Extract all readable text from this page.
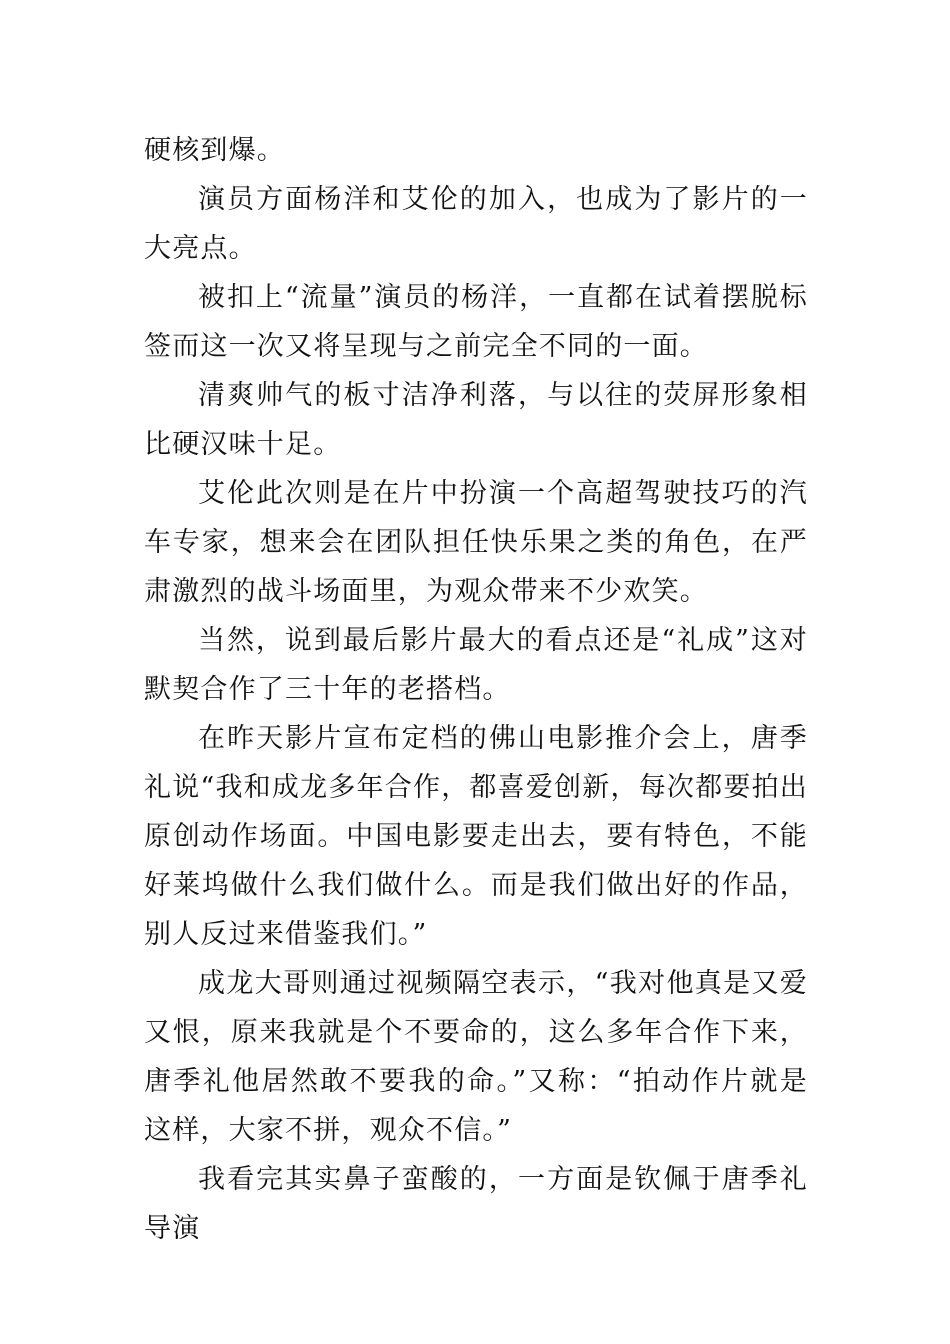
硬核到爆。

演员方面杨洋和艾伦的加入，也成为了影片的一大亮点。

被扣上“流量”演员的杨洋，一直都在试着摆脱标签而这一次又将呈现与之前完全不同的一面。

清爽帅气的板寸洁净利落，与以往的荧屏形象相比硬汉味十足。

艾伦此次则是在片中扮演一个高超驾驶技巧的汽车专家，想来会在团队担任快乐果之类的角色，在严肃激烈的战斗场面里，为观众带来不少欢笑。

当然，说到最后影片最大的看点还是“礼成”这对默契合作了三十年的老搭档。

在昨天影片宣布定档的佛山电影推介会上，唐季礼说“我和成龙多年合作，都喜爱创新，每次都要拍出原创动作场面。中国电影要走出去，要有特色，不能好莱坞做什么我们做什么。而是我们做出好的作品，别人反过来借鉴我们。”

成龙大哥则通过视频隔空表示，“我对他真是又爱又恨，原来我就是个不要命的，这么多年合作下来，唐季礼他居然敢不要我的命。”又称：“拍动作片就是这样，大家不拼，观众不信。”

我看完其实鼻子蛮酸的，一方面是钦佩于唐季礼导演
